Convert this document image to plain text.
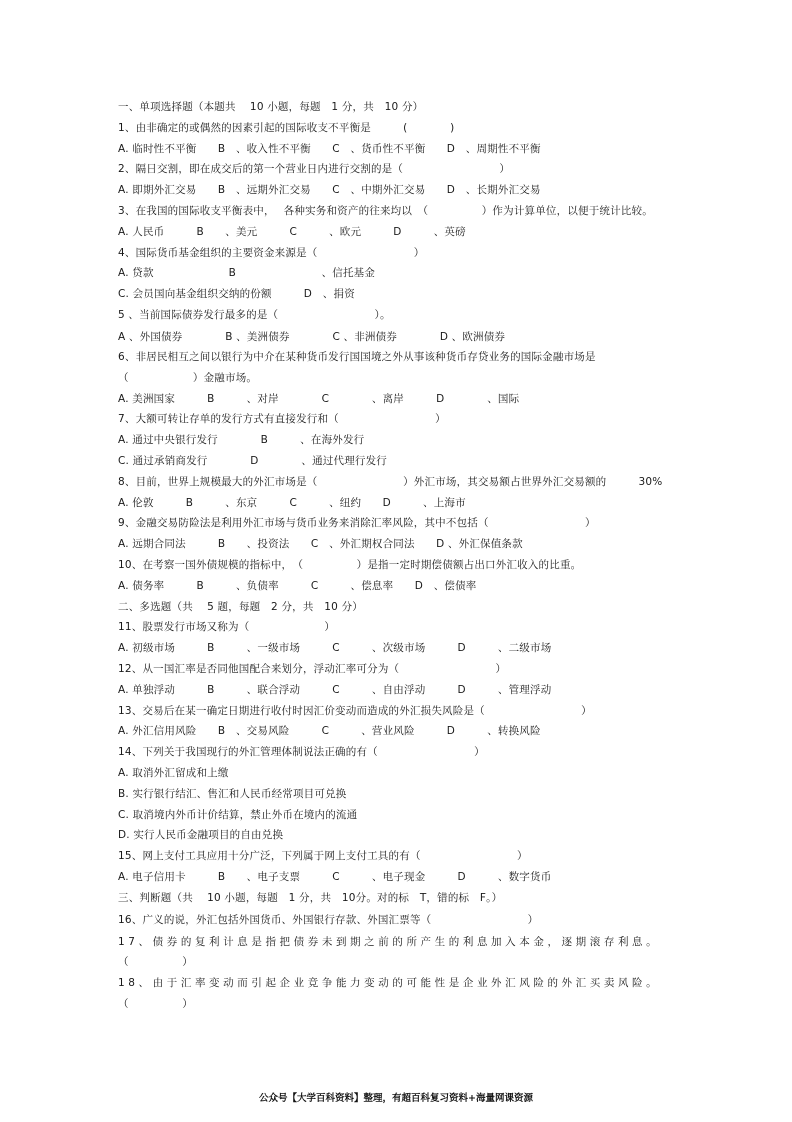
一、单项选择题（本题共　 10 小题，每题　1 分，共　10 分）
1、由非确定的或偶然的因素引起的国际收支不平衡是　　　(　　　　)
A. 临时性不平衡　　B　、收入性不平衡　　C　、货币性不平衡　　D　、周期性不平衡
2、隔日交割，即在成交后的第一个营业日内进行交割的是（　　　　　　　　　）
A. 即期外汇交易　　B　、远期外汇交易　　C　、中期外汇交易　　D　、长期外汇交易
3、在我国的国际收支平衡表中，　 各种实务和资产的往来均以　（　　　　　）作为计算单位，以便于统计比较。
A. 人民币　　　B　　、美元　　　C　　　、欧元　　　D　　　、英磅
4、国际货币基金组织的主要资金来源是（　　　　　　　　　）
A. 贷款　　　　　　　B　　　　　　　　、信托基金
C. 会员国向基金组织交纳的份额　　　D　、捐资
5 、当前国际债券发行最多的是（　　　　　　　　　）。
A 、外国债券　　　　B 、美洲债券　　　　C 、非洲债券　　　　D 、欧洲债券
6、非居民相互之间以银行为中介在某种货币发行国国境之外从事该种货币存贷业务的国际金融市场是
（　　　　　　）金融市场。
A. 美洲国家　　　B　　　、对岸　　　　C　　　　、离岸　　　D　　　　、国际
7、大额可转让存单的发行方式有直接发行和（　　　　　　　　　）
A. 通过中央银行发行　　　　B　　　、在海外发行
C. 通过承销商发行　　　　D　　　　、通过代理行发行
8、目前，世界上规模最大的外汇市场是（　　　　　　　　）外汇市场，其交易额占世界外汇交易额的　　　30%
A. 伦敦　　　B　　　、东京　　　C　　　、纽约　　D　　　、上海市
9、金融交易防险法是利用外汇市场与货币业务来消除汇率风险，其中不包括（　　　　　　　　　）
A. 远期合同法　　　B　　、投资法　　C　、外汇期权合同法　　D 、外汇保值条款
10、在考察一国外债规模的指标中，　（　　　　　）是指一定时期偿债额占出口外汇收入的比重。
A. 债务率　　　B　　　、负债率　　　C　　　、偿息率　　D　、偿债率
二、多选题（共　 5 题，每题　2 分，共　10 分）
11、股票发行市场又称为（　　　　　　　）
A. 初级市场　　　B　　　、一级市场　　　C　　　、次级市场　　　D　　　、二级市场
12、从一国汇率是否同他国配合来划分，浮动汇率可分为（　　　　　　　　　）
A. 单独浮动　　　B　　　、联合浮动　　　C　　　、自由浮动　　　D　　　、管理浮动
13、交易后在某一确定日期进行收付时因汇价变动而造成的外汇损失风险是（　　　　　　　　　）
A. 外汇信用风险　　B　、交易风险　　　C　　　、营业风险　　　D　　　、转换风险
14、下列关于我国现行的外汇管理体制说法正确的有（　　　　　　　　　）
A. 取消外汇留成和上缴
B. 实行银行结汇、售汇和人民币经常项目可兑换
C. 取消境内外币计价结算，禁止外币在境内的流通
D. 实行人民币金融项目的自由兑换
15、网上支付工具应用十分广泛，下列属于网上支付工具的有（　　　　　　　　　）
A. 电子信用卡　　　B　　、电子支票　　　C　　　、电子现金　　　D　　　、数字货币
三、判断题（共　 10 小题，每题　1 分，共　10分。对的标　T，错的标　F。）
16、广义的说，外汇包括外国货币、外国银行存款、外国汇票等（　　　　　　　　　）
17、债券的复利计息是指把债券未到期之前的所产生的利息加入本金，逐期滚存利息。
（　　　　　）
18、由于汇率变动而引起企业竞争能力变动的可能性是企业外汇风险的外汇买卖风险。
（　　　　　）
公众号【大学百科资料】整理，有超百科复习资料+海量网课资源
